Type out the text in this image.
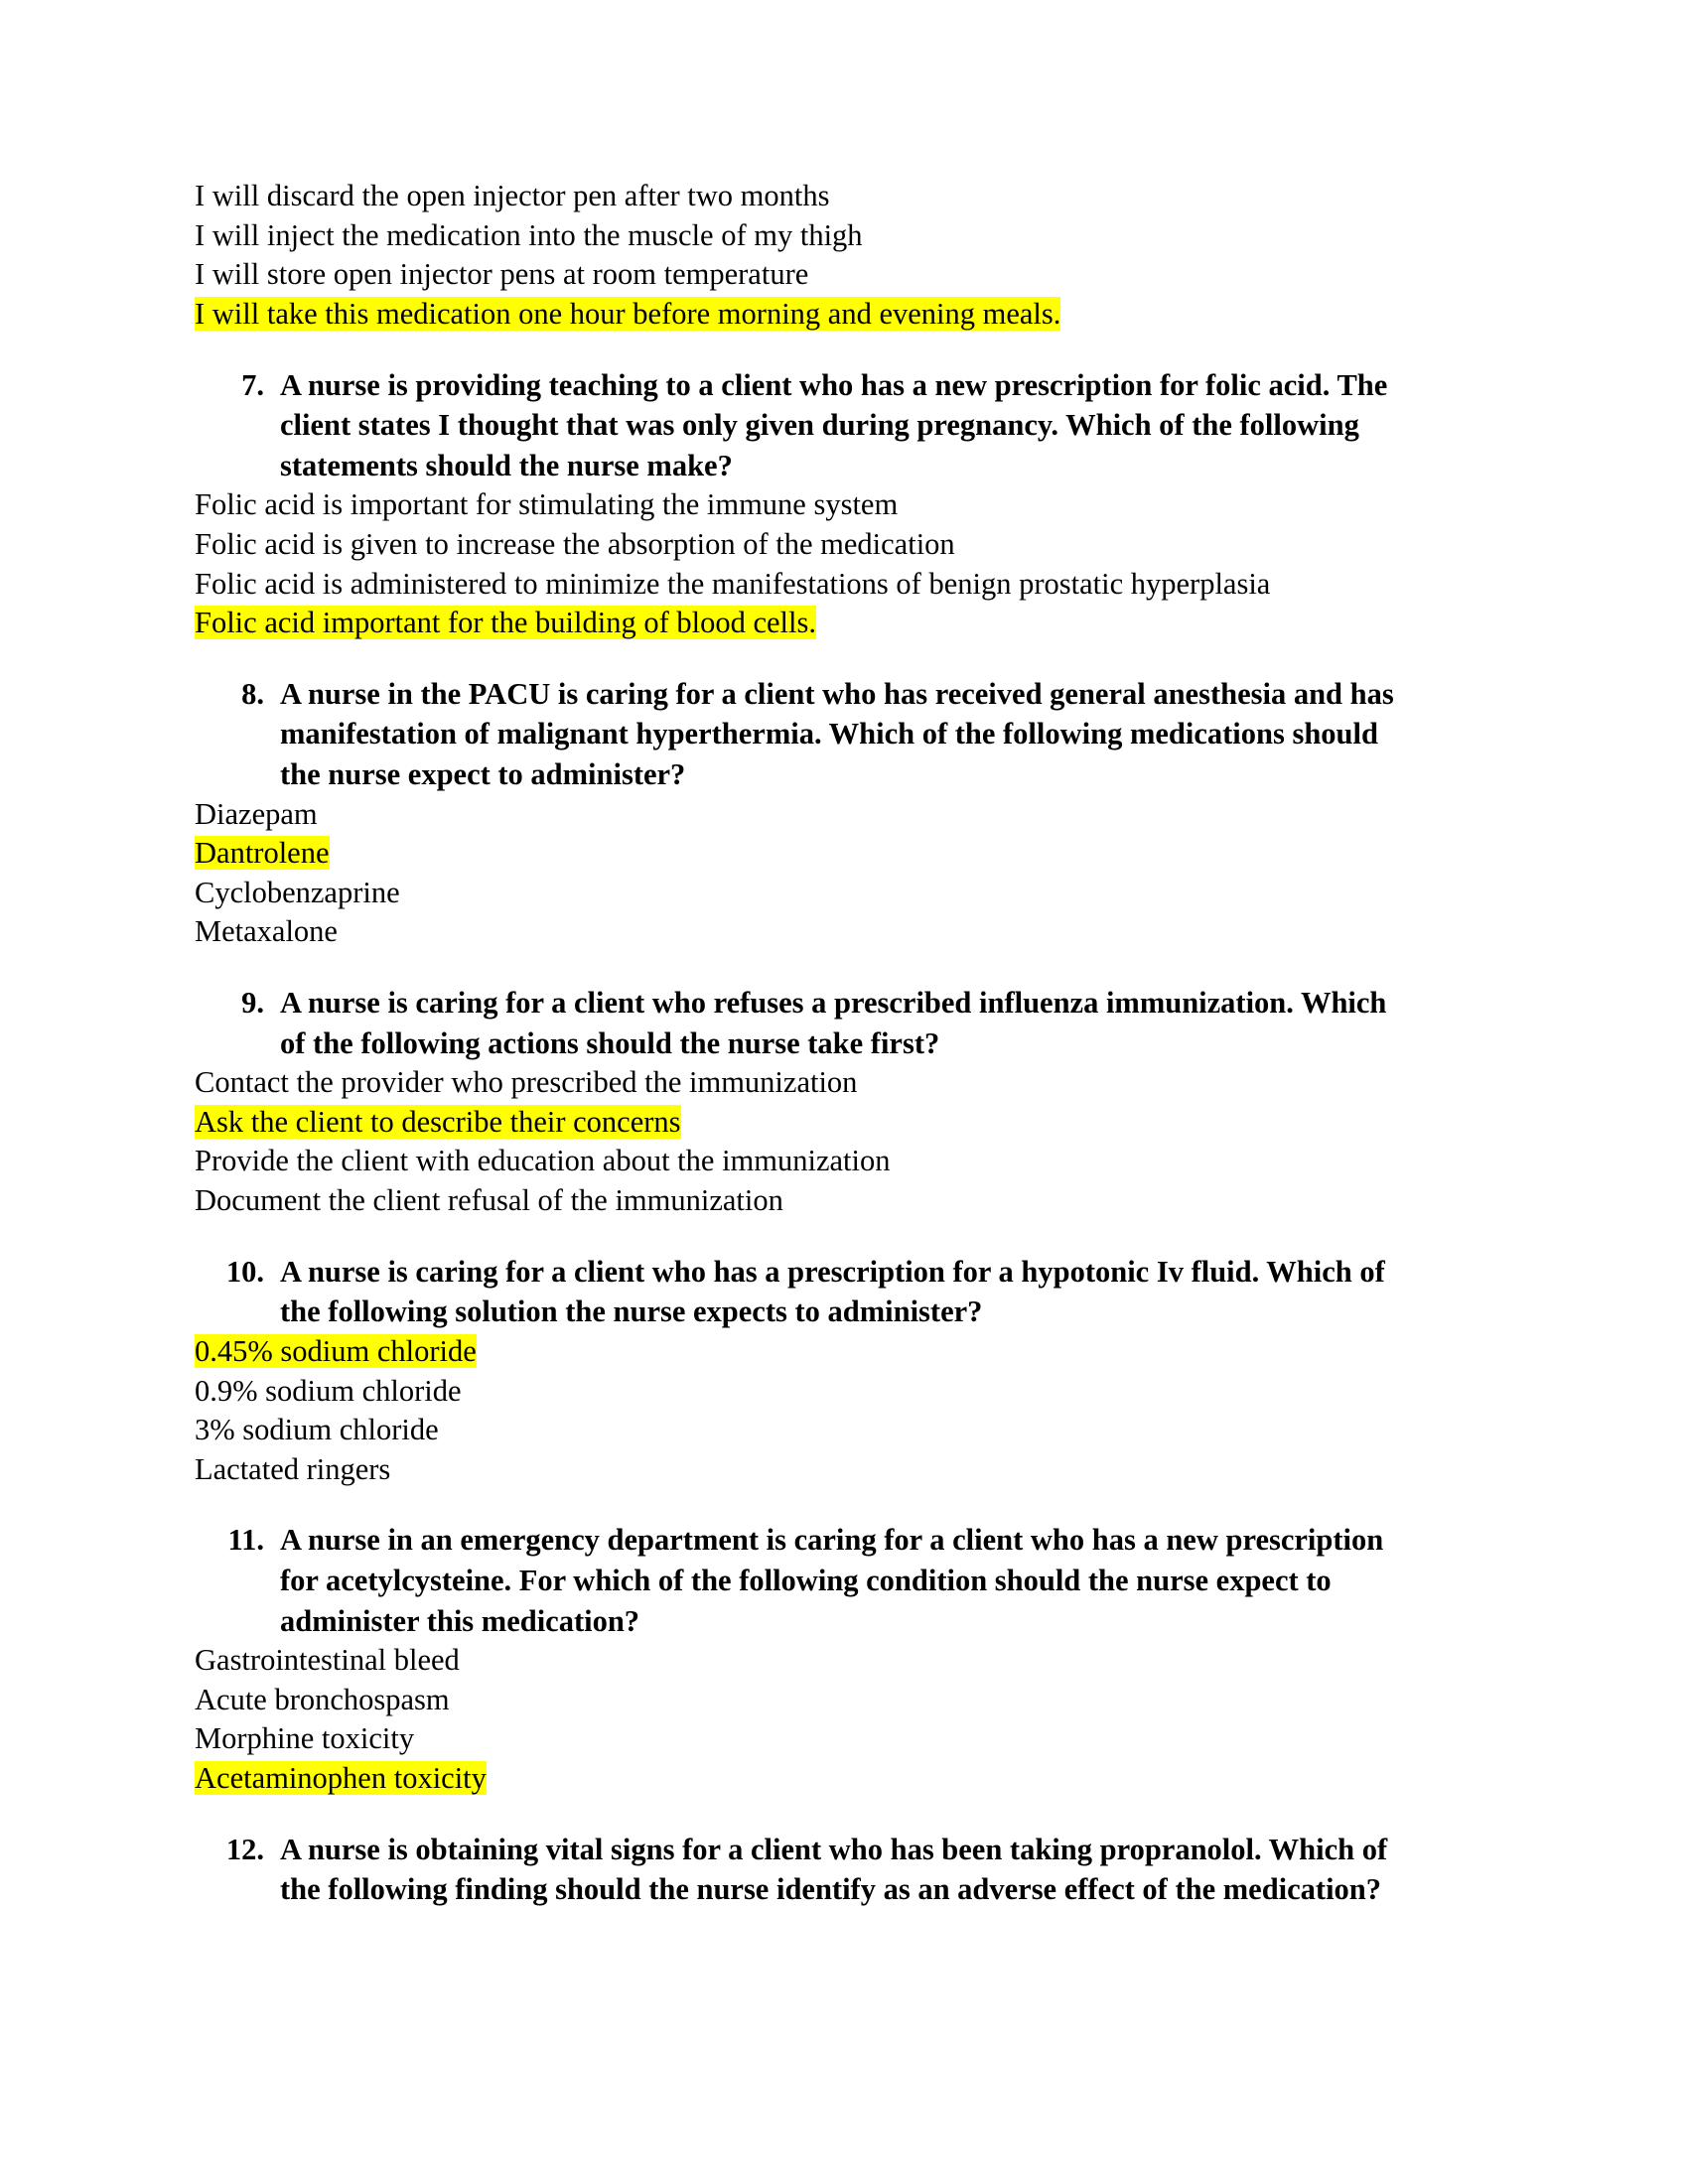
I will discard the open injector pen after two months

I will inject the medication into the muscle of my thigh

I will store open injector pens at room temperature

I will take this medication one hour before morning and evening meals.

7. A nurse is providing teaching to a client who has a new prescription for folic acid. The client states I thought that was only given during pregnancy. Which of the following statements should the nurse make?

Folic acid is important for stimulating the immune system

Folic acid is given to increase the absorption of the medication

Folic acid is administered to minimize the manifestations of benign prostatic hyperplasia

Folic acid important for the building of blood cells.

8. A nurse in the PACU is caring for a client who has received general anesthesia and has manifestation of malignant hyperthermia. Which of the following medications should the nurse expect to administer?

Diazepam

Dantrolene

Cyclobenzaprine

Metaxalone

9. A nurse is caring for a client who refuses a prescribed influenza immunization. Which of the following actions should the nurse take first?

Contact the provider who prescribed the immunization

Ask the client to describe their concerns

Provide the client with education about the immunization

Document the client refusal of the immunization

10. A nurse is caring for a client who has a prescription for a hypotonic Iv fluid. Which of the following solution the nurse expects to administer?

0.45% sodium chloride

0.9% sodium chloride

3% sodium chloride

Lactated ringers

11. A nurse in an emergency department is caring for a client who has a new prescription for acetylcysteine. For which of the following condition should the nurse expect to administer this medication?

Gastrointestinal bleed

Acute bronchospasm

Morphine toxicity

Acetaminophen toxicity

12. A nurse is obtaining vital signs for a client who has been taking propranolol. Which of the following finding should the nurse identify as an adverse effect of the medication?
